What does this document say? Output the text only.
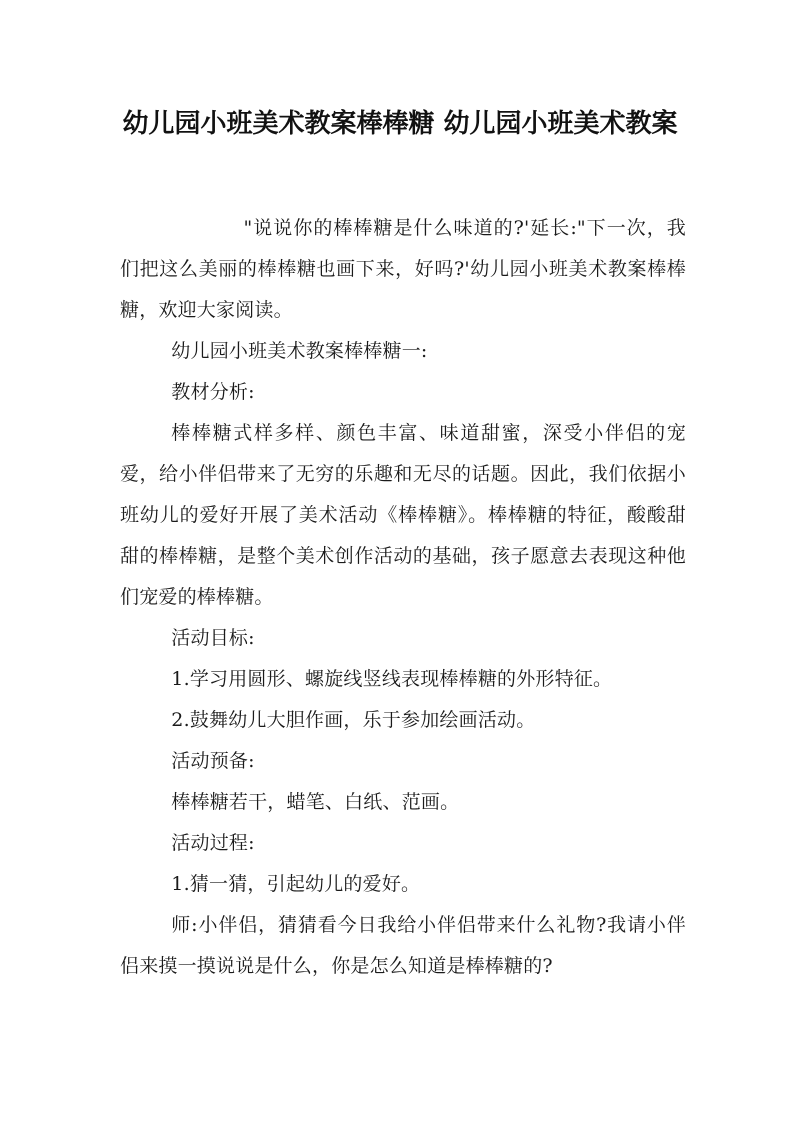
幼儿园小班美术教案棒棒糖 幼儿园小班美术教案

"说说你的棒棒糖是什么味道的?'延长:"下一次，我们把这么美丽的棒棒糖也画下来，好吗?'幼儿园小班美术教案棒棒糖，欢迎大家阅读。

幼儿园小班美术教案棒棒糖一:

教材分析:

棒棒糖式样多样、颜色丰富、味道甜蜜，深受小伴侣的宠爱，给小伴侣带来了无穷的乐趣和无尽的话题。因此，我们依据小班幼儿的爱好开展了美术活动《棒棒糖》。棒棒糖的特征，酸酸甜甜的棒棒糖，是整个美术创作活动的基础，孩子愿意去表现这种他们宠爱的棒棒糖。

活动目标:

1.学习用圆形、螺旋线竖线表现棒棒糖的外形特征。

2.鼓舞幼儿大胆作画，乐于参加绘画活动。

活动预备:

棒棒糖若干，蜡笔、白纸、范画。

活动过程:

1.猜一猜，引起幼儿的爱好。

师:小伴侣，猜猜看今日我给小伴侣带来什么礼物?我请小伴侣来摸一摸说说是什么，你是怎么知道是棒棒糖的?
